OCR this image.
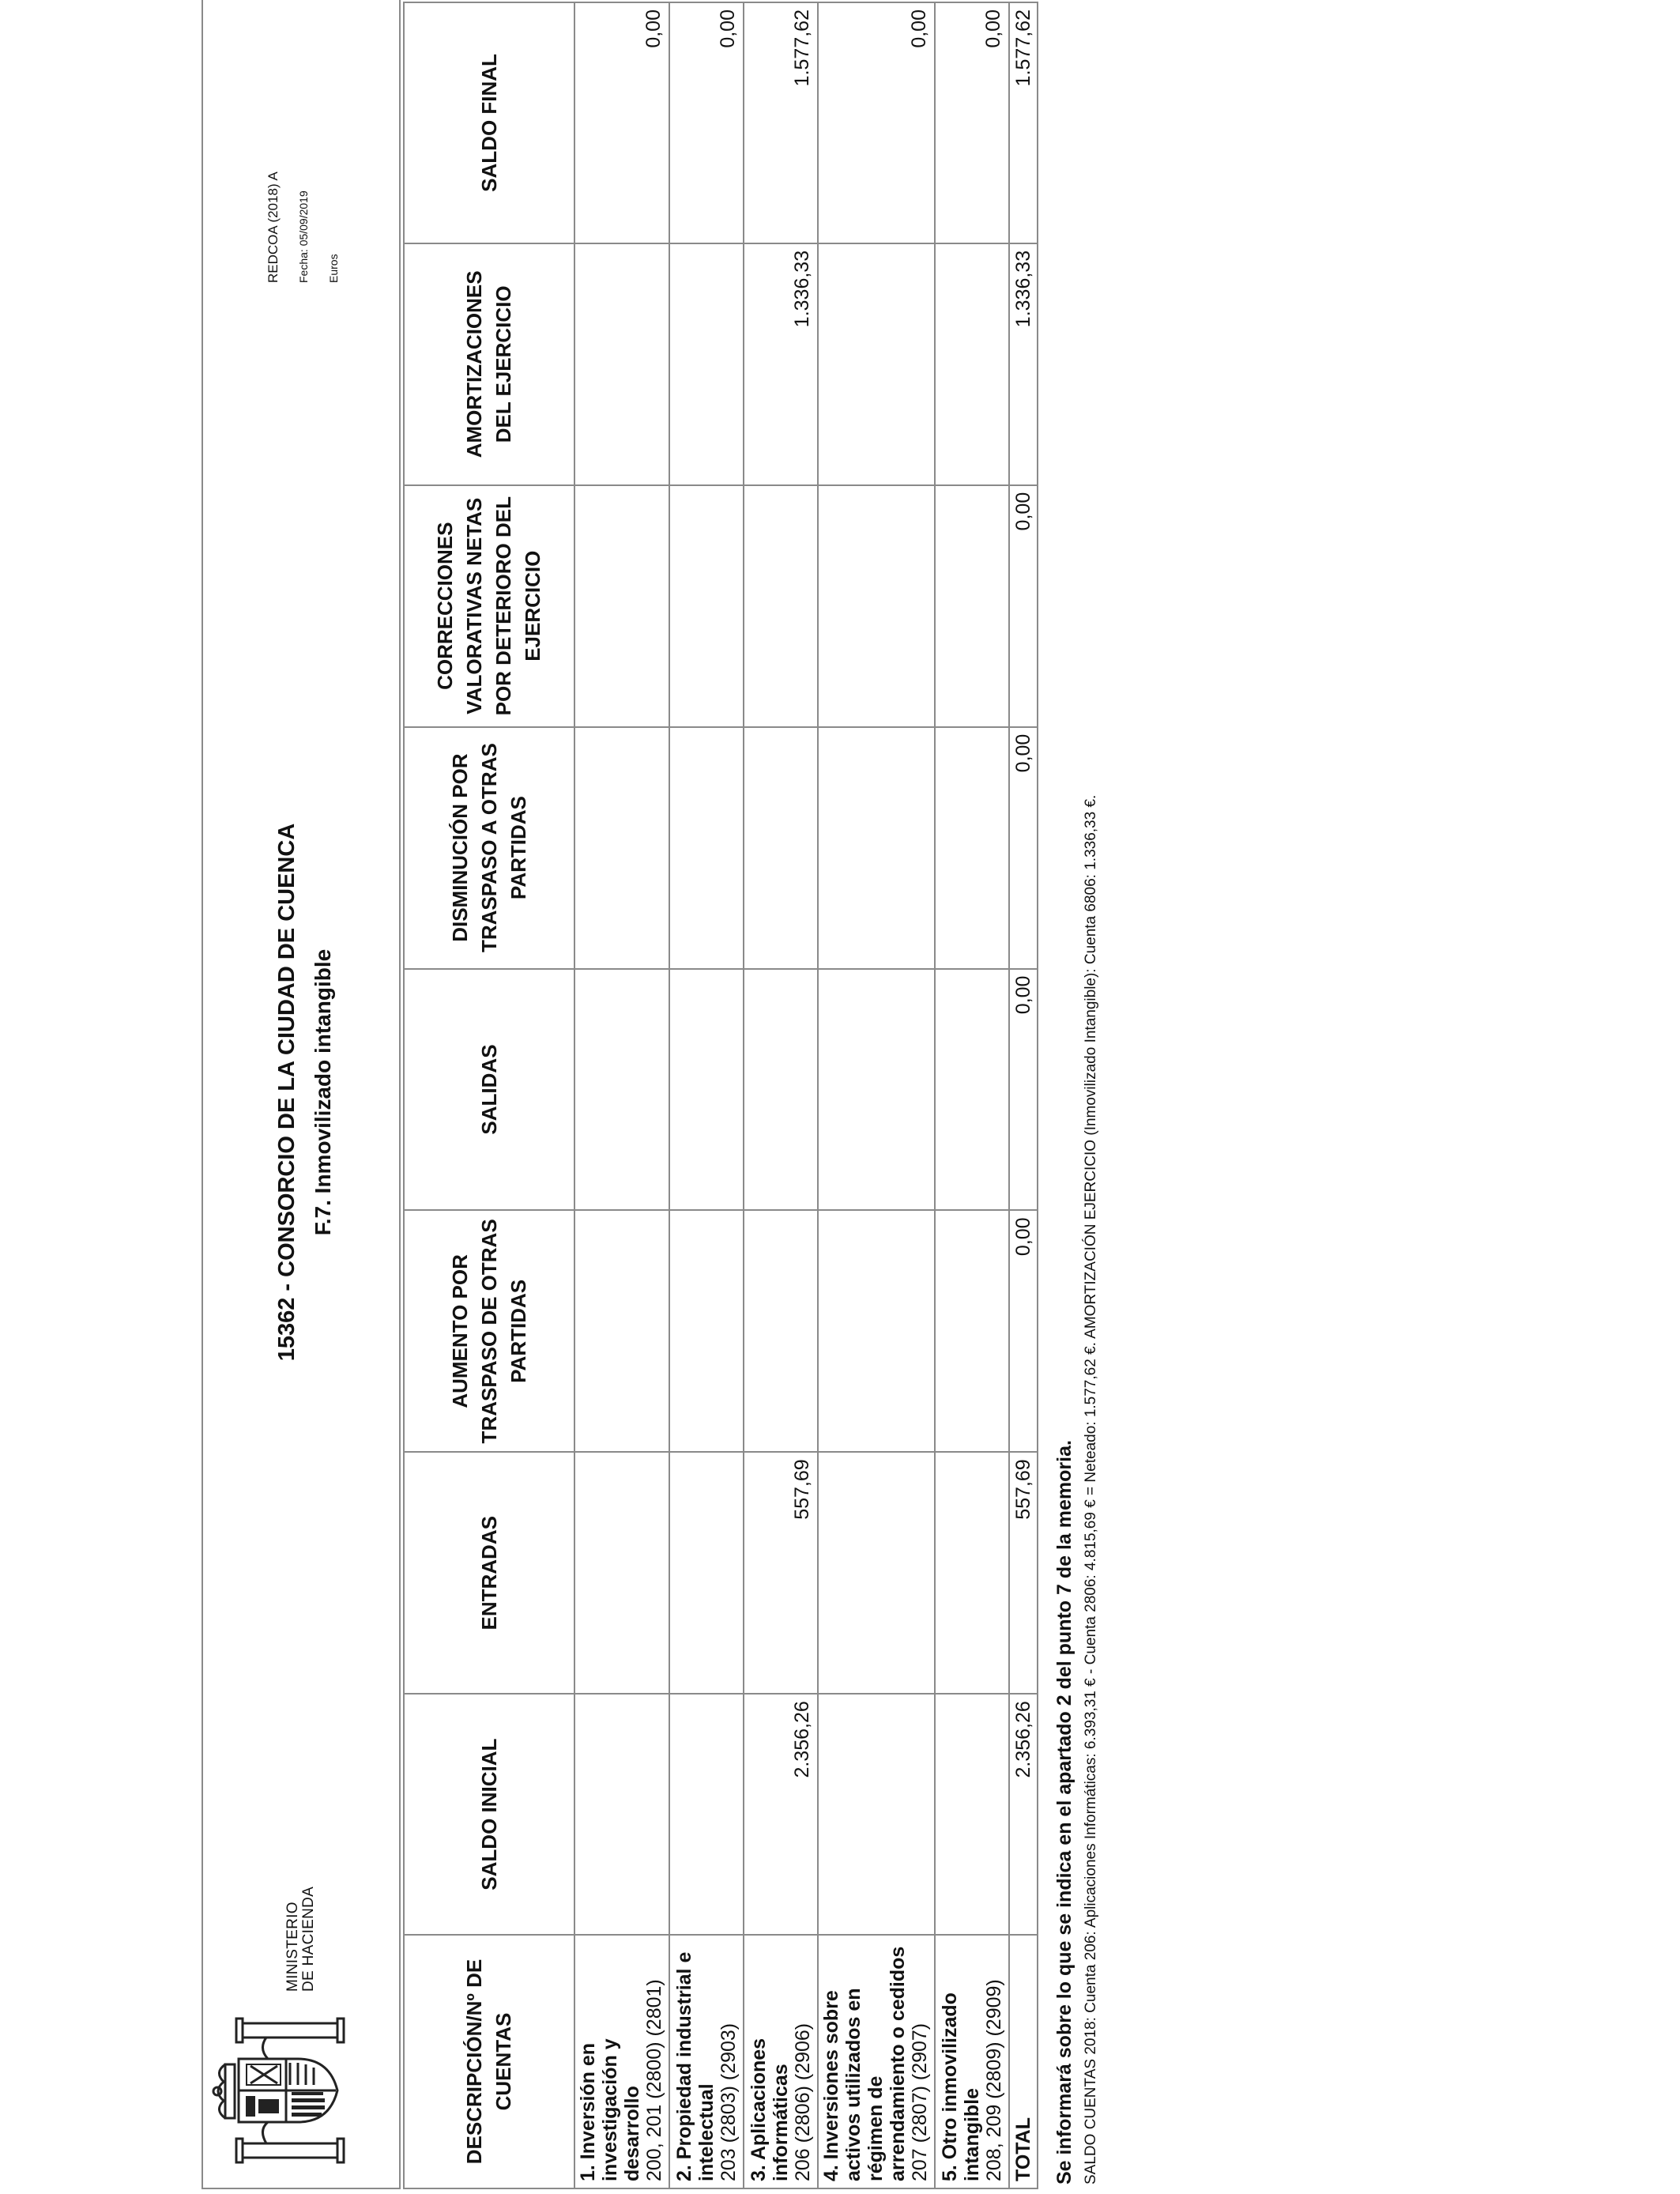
MINISTERIO DE HACIENDA
15362 - CONSORCIO DE LA CIUDAD DE CUENCA F.7. Inmovilizado intangible
REDCOA (2018) A	Fecha: 05/09/2019	Euros
DESCRIPCIÓN/Nº DE CUENTAS	SALDO INICIAL	ENTRADAS	AUMENTO POR TRASPASO DE OTRAS PARTIDAS	SALIDAS	DISMINUCIÓN POR TRASPASO A OTRAS PARTIDAS	CORRECCIONES VALORATIVAS NETAS POR DETERIORO DEL EJERCICIO	AMORTIZACIONES DEL EJERCICIO	SALDO FINAL

1. Inversión en investigación y desarrollo 200, 201 (2800) (2801)								0,00

2. Propiedad industrial e intelectual 203 (2803) (2903)								0,00

3. Aplicaciones informáticas 206 (2806) (2906)	2.356,26	557,69					1.336,33	1.577,62

4. Inversiones sobre activos utilizados en régimen de arrendamiento o cedidos 207 (2807) (2907)								0,00

5. Otro inmovilizado intangible 208, 209 (2809) (2909)								0,00
TOTAL	2.356,26	557,69	0,00	0,00	0,00	0,00	1.336,33	1.577,62
Se informará sobre lo que se indica en el apartado 2 del punto 7 de la memoria. SALDO CUENTAS 2018: Cuenta 206: Aplicaciones Informáticas: 6.393,31 € - Cuenta 2806: 4.815,69 € = Neteado: 1.577,62 €. AMORTIZACIÓN EJERCICIO (Inmovilizado Intangible): Cuenta 6806: 1.336,33 €.
